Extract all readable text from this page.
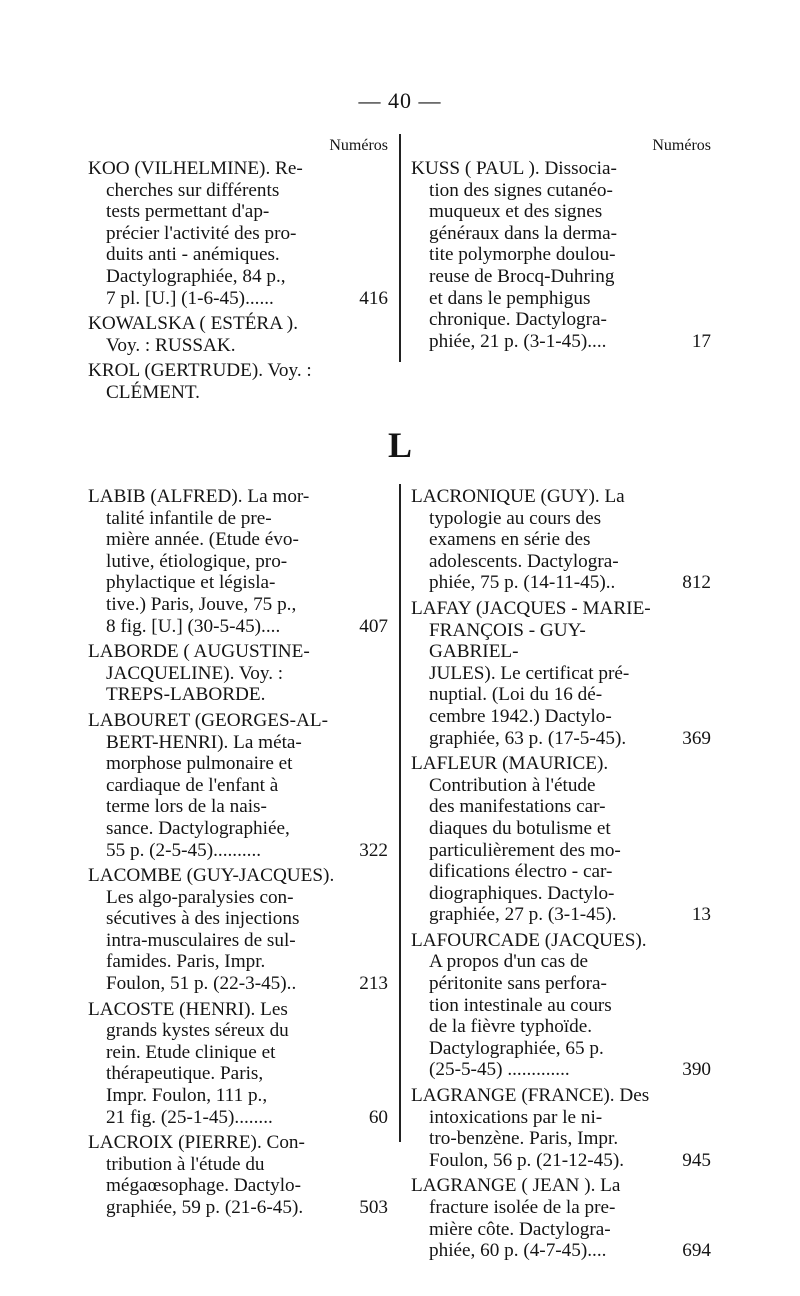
— 40 —
L
Numéros
KOO (VILHELMINE). Re-
cherches sur différents
tests permettant d'ap-
précier l'activité des pro-
duits anti - anémiques.
Dactylographiée, 84 p.,
7 pl. [U.] (1-6-45)......	416
KOWALSKA ( ESTÉRA ).
Voy. : RUSSAK.
KROL (GERTRUDE). Voy. :
CLÉMENT.
Numéros
KUSS ( PAUL ). Dissocia-
tion des signes cutanéo-
muqueux et des signes
généraux dans la derma-
tite polymorphe doulou-
reuse de Brocq-Duhring
et dans le pemphigus
chronique. Dactylogra-
phiée, 21 p. (3-1-45)....	17
LABIB (ALFRED). La mor-
talité infantile de pre-
mière année. (Etude évo-
lutive, étiologique, pro-
phylactique et législa-
tive.) Paris, Jouve, 75 p.,
8 fig. [U.] (30-5-45)....	407
LABORDE ( AUGUSTINE-
JACQUELINE). Voy. :
TREPS-LABORDE.
LABOURET (GEORGES-AL-
BERT-HENRI). La méta-
morphose pulmonaire et
cardiaque de l'enfant à
terme lors de la nais-
sance. Dactylographiée,
55 p. (2-5-45)..........	322
LACOMBE (GUY-JACQUES).
Les algo-paralysies con-
sécutives à des injections
intra-musculaires de sul-
famides. Paris, Impr.
Foulon, 51 p. (22-3-45)..	213
LACOSTE (HENRI). Les
grands kystes séreux du
rein. Etude clinique et
thérapeutique. Paris,
Impr. Foulon, 111 p.,
21 fig. (25-1-45)........	60
LACROIX (PIERRE). Con-
tribution à l'étude du
mégaœsophage. Dactylo-
graphiée, 59 p. (21-6-45).	503
LACRONIQUE (GUY). La
typologie au cours des
examens en série des
adolescents. Dactylogra-
phiée, 75 p. (14-11-45)..	812
LAFAY (JACQUES - MARIE-
FRANÇOIS - GUY-GABRIEL-
JULES). Le certificat pré-
nuptial. (Loi du 16 dé-
cembre 1942.) Dactylo-
graphiée, 63 p. (17-5-45).	369
LAFLEUR (MAURICE).
Contribution à l'étude
des manifestations car-
diaques du botulisme et
particulièrement des mo-
difications électro - car-
diographiques. Dactylo-
graphiée, 27 p. (3-1-45).	13
LAFOURCADE (JACQUES).
A propos d'un cas de
péritonite sans perfora-
tion intestinale au cours
de la fièvre typhoïde.
Dactylographiée, 65 p.
(25-5-45) .............	390
LAGRANGE (FRANCE). Des
intoxications par le ni-
tro-benzène. Paris, Impr.
Foulon, 56 p. (21-12-45).	945
LAGRANGE ( JEAN ). La
fracture isolée de la pre-
mière côte. Dactylogra-
phiée, 60 p. (4-7-45)....	694
